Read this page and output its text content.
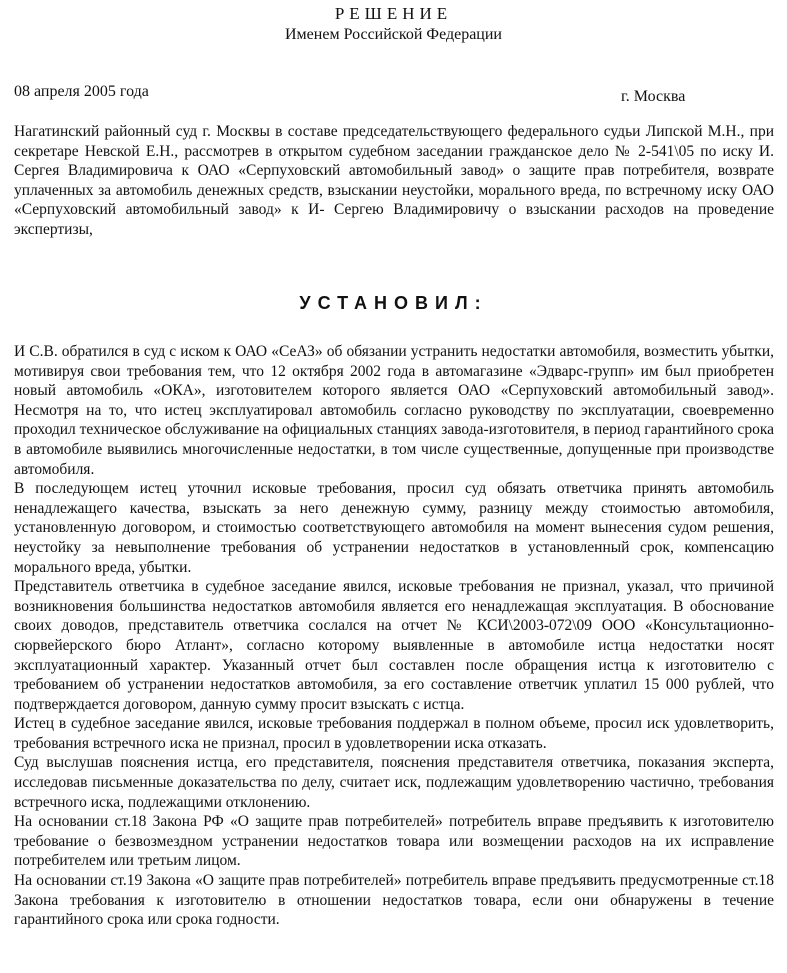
РЕШЕНИЕ
Именем Российской Федерации
08 апреля 2005 года	г. Москва

Нагатинский районный суд г. Москвы в составе председательствующего федерального судьи Липской М.Н., при секретаре Невской Е.Н., рассмотрев в открытом судебном заседании гражданское дело № 2-541\05 по иску И. Сергея Владимировича к ОАО «Серпуховский автомобильный завод» о защите прав потребителя, возврате уплаченных за автомобиль денежных средств, взыскании неустойки, морального вреда, по встречному иску ОАО «Серпуховский автомобильный завод» к И- Сергею Владимировичу о взыскании расходов на проведение экспертизы,

УСТАНОВИЛ:

И С.В. обратился в суд с иском к ОАО «СеАЗ» об обязании устранить недостатки автомобиля, возместить убытки, мотивируя свои требования тем, что 12 октября 2002 года в автомагазине «Эдварс-групп» им был приобретен новый автомобиль «ОКА», изготовителем которого является ОАО «Серпуховский автомобильный завод». Несмотря на то, что истец эксплуатировал автомобиль согласно руководству по эксплуатации, своевременно проходил техническое обслуживание на официальных станциях завода-изготовителя, в период гарантийного срока в автомобиле выявились многочисленные недостатки, в том числе существенные, допущенные при производстве автомобиля.

В последующем истец уточнил исковые требования, просил суд обязать ответчика принять автомобиль ненадлежащего качества, взыскать за него денежную сумму, разницу между стоимостью автомобиля, установленную договором, и стоимостью соответствующего автомобиля на момент вынесения судом решения, неустойку за невыполнение требования об устранении недостатков в установленный срок, компенсацию морального вреда, убытки.

Представитель ответчика в судебное заседание явился, исковые требования не признал, указал, что причиной возникновения большинства недостатков автомобиля является его ненадлежащая эксплуатация. В обоснование своих доводов, представитель ответчика сослался на отчет № КСИ\2003-072\09 ООО «Консультационно-сюрвейерского бюро Атлант», согласно которому выявленные в автомобиле истца недостатки носят эксплуатационный характер. Указанный отчет был составлен после обращения истца к изготовителю с требованием об устранении недостатков автомобиля, за его составление ответчик уплатил 15 000 рублей, что подтверждается договором, данную сумму просит взыскать с истца.

Истец в судебное заседание явился, исковые требования поддержал в полном объеме, просил иск удовлетворить, требования встречного иска не признал, просил в удовлетворении иска отказать.

Суд выслушав пояснения истца, его представителя, пояснения представителя ответчика, показания эксперта, исследовав письменные доказательства по делу, считает иск, подлежащим удовлетворению частично, требования встречного иска, подлежащими отклонению.

На основании ст.18 Закона РФ «О защите прав потребителей» потребитель вправе предъявить к изготовителю требование о безвозмездном устранении недостатков товара или возмещении расходов на их исправление потребителем или третьим лицом.

На основании ст.19 Закона «О защите прав потребителей» потребитель вправе предъявить предусмотренные ст.18 Закона требования к изготовителю в отношении недостатков товара, если они обнаружены в течение гарантийного срока или срока годности.
